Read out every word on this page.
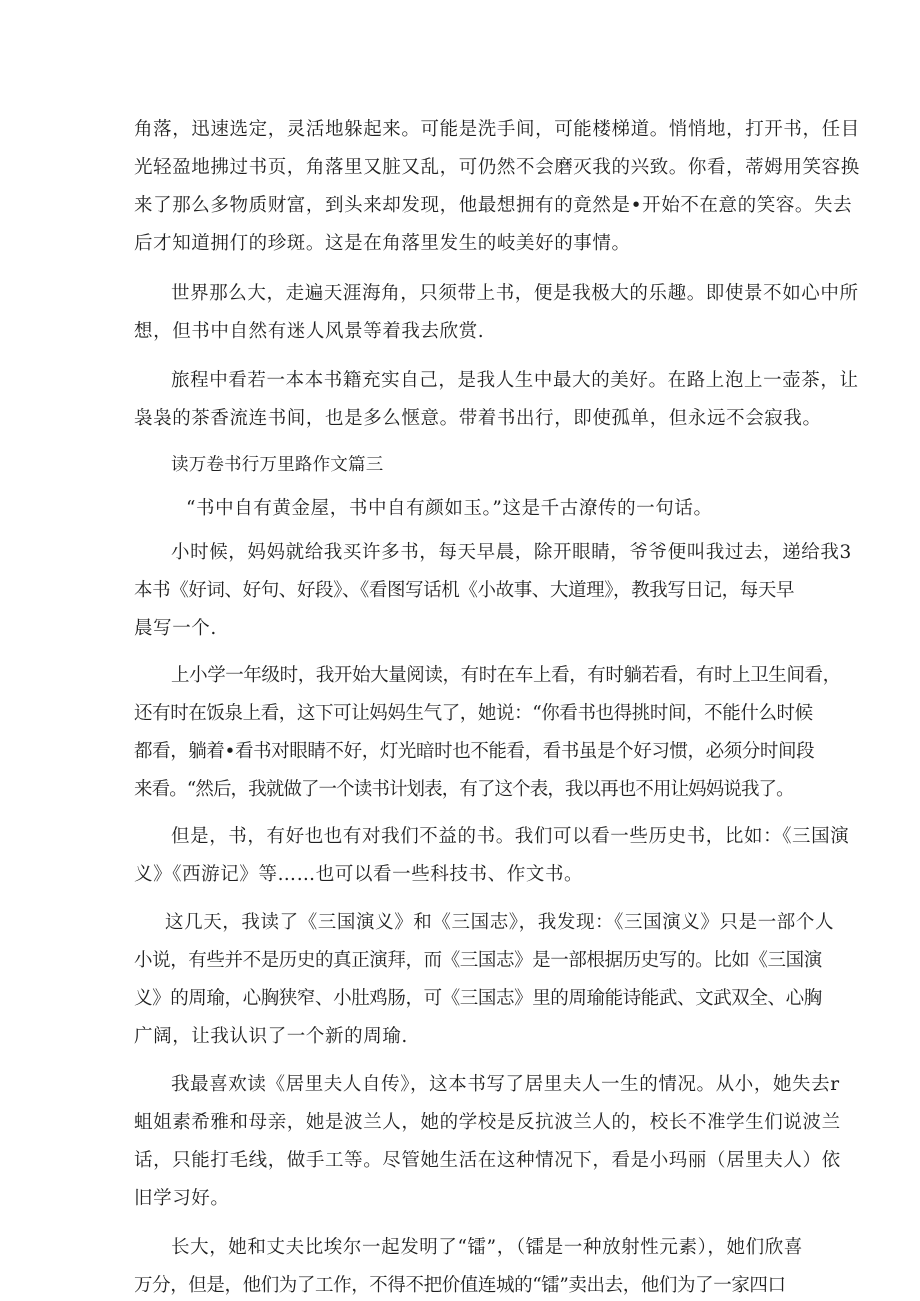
角落，迅速选定，灵活地躲起来。可能是洗手间，可能楼梯道。悄悄地，打开书，任目
光轻盈地拂过书页，角落里又脏又乱，可仍然不会磨灭我的兴致。你看，蒂姆用笑容换
来了那么多物质财富，到头来却发现，他最想拥有的竟然是•开始不在意的笑容。失去
后才知道拥仃的珍斑。这是在角落里发生的岐美好的事情。
世界那么大，走遍天涯海角，只须带上书，便是我极大的乐趣。即使景不如心中所
想，但书中自然有迷人风景等着我去欣赏.
旅程中看若一本本书籍充实自己，是我人生中最大的美好。在路上泡上一壶茶，让
袅袅的茶香流连书间，也是多么惬意。带着书出行，即使孤单，但永远不会寂我。
读万卷书行万里路作文篇三
“书中自有黄金屋，书中自有颜如玉。”这是千古潦传的一句话。
小时候，妈妈就给我买许多书，每天早晨，除开眼睛，爷爷便叫我过去，递给我3
本书《好词、好句、好段》、《看图写话机《小故事、大道理》，教我写日记，每天早
晨写一个.
上小学一年级时，我开始大量阅读，有时在车上看，有时躺若看，有时上卫生间看，
还有时在饭泉上看，这下可让妈妈生气了，她说：“你看书也得挑时间，不能什么时候
都看，躺着•看书对眼睛不好，灯光暗时也不能看，看书虽是个好习惯，必须分时间段
来看。“然后，我就做了一个读书计划表，有了这个表，我以再也不用让妈妈说我了。
但是，书，有好也也有对我们不益的书。我们可以看一些历史书，比如：《三国演
义》《西游记》等……也可以看一些科技书、作文书。
这几天，我读了《三国演义》和《三国志》，我发现：《三国演义》只是一部个人
小说，有些并不是历史的真正演拜，而《三国志》是一部根据历史写的。比如《三国演
义》的周瑜，心胸狭窄、小肚鸡肠，可《三国志》里的周瑜能诗能武、文武双全、心胸
广阔，让我认识了一个新的周瑜.
我最喜欢读《居里夫人自传》，这本书写了居里夫人一生的情况。从小，她失去r
蛆姐素希雅和母亲，她是波兰人，她的学校是反抗波兰人的，校长不准学生们说波兰
话，只能打毛线，做手工等。尽管她生活在这种情况下，看是小玛丽（居里夫人）依
旧学习好。
长大，她和丈夫比埃尔一起发明了“镭”，（镭是一种放射性元素），她们欣喜
万分，但是，他们为了工作，不得不把价值连城的“镭”卖出去，他们为了一家四口
